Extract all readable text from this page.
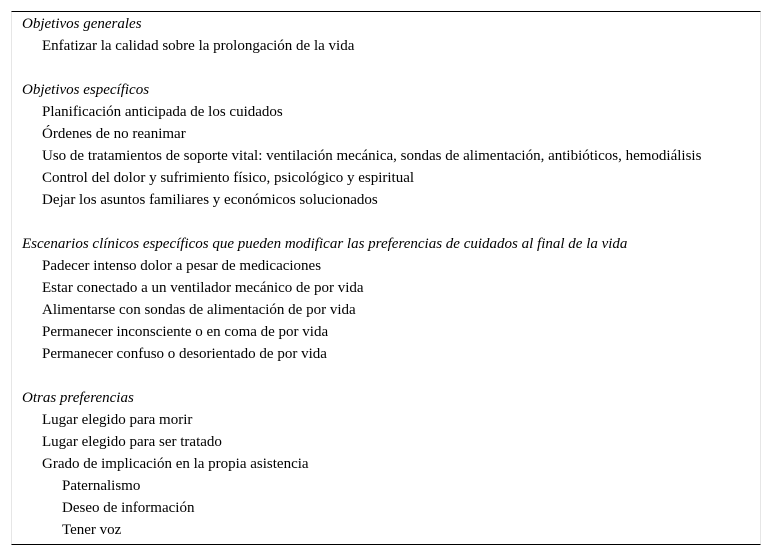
Objetivos generales
Enfatizar la calidad sobre la prolongación de la vida
Objetivos específicos
Planificación anticipada de los cuidados
Órdenes de no reanimar
Uso de tratamientos de soporte vital: ventilación mecánica, sondas de alimentación, antibióticos, hemodiálisis
Control del dolor y sufrimiento físico, psicológico y espiritual
Dejar los asuntos familiares y económicos solucionados
Escenarios clínicos específicos que pueden modificar las preferencias de cuidados al final de la vida
Padecer intenso dolor a pesar de medicaciones
Estar conectado a un ventilador mecánico de por vida
Alimentarse con sondas de alimentación de por vida
Permanecer inconsciente o en coma de por vida
Permanecer confuso o desorientado de por vida
Otras preferencias
Lugar elegido para morir
Lugar elegido para ser tratado
Grado de implicación en la propia asistencia
Paternalismo
Deseo de información
Tener voz
